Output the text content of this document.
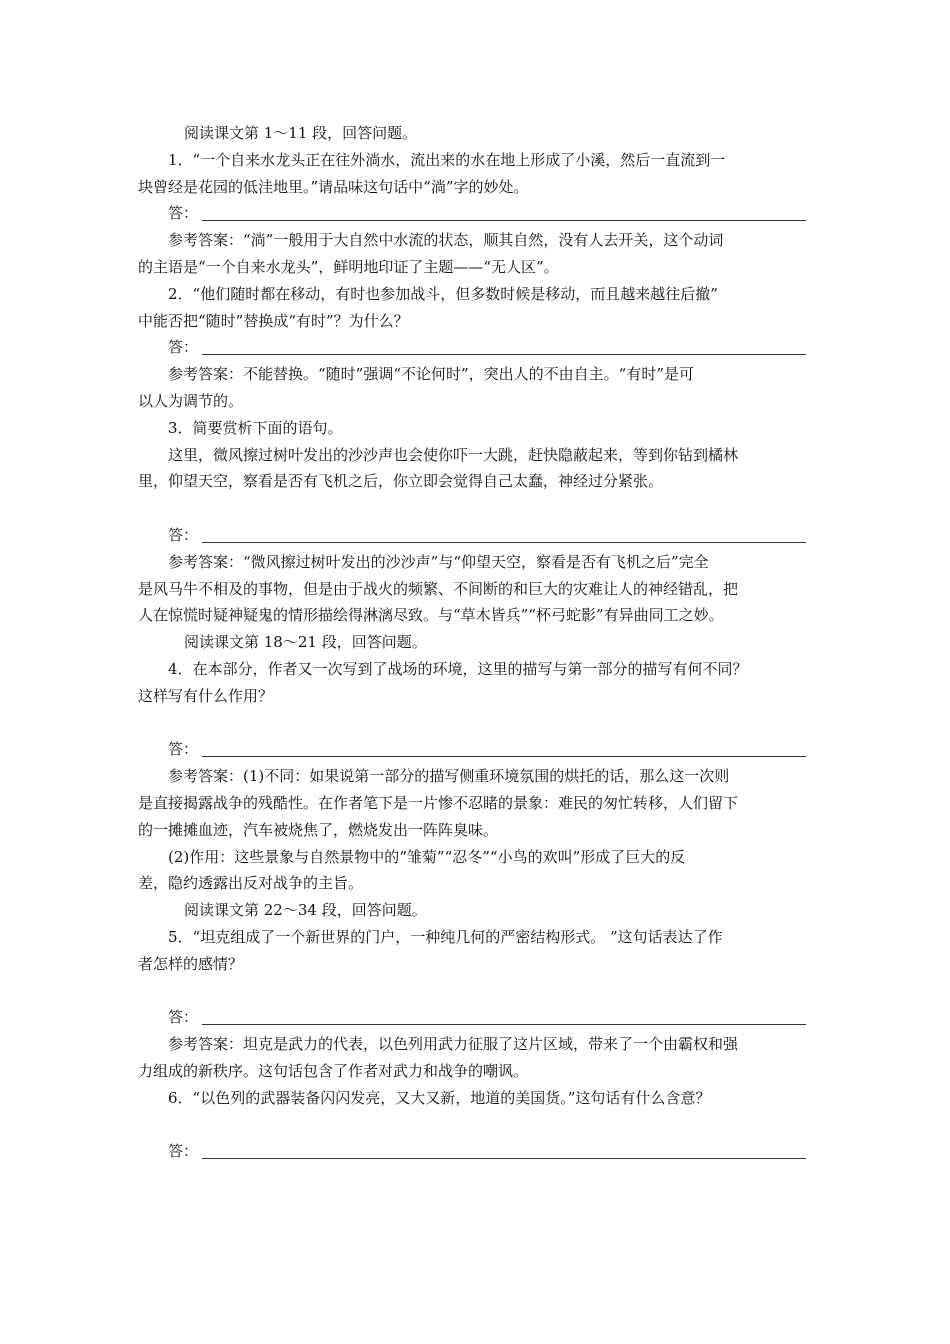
阅读课文第 1～11 段，回答问题。
1．“一个自来水龙头正在往外淌水，流出来的水在地上形成了小溪，然后一直流到一
块曾经是花园的低洼地里。”请品味这句话中“淌”字的妙处。
答：
参考答案：“淌”一般用于大自然中水流的状态，顺其自然，没有人去开关，这个动词
的主语是“一个自来水龙头”，鲜明地印证了主题——“无人区”。
2．“他们随时都在移动，有时也参加战斗，但多数时候是移动，而且越来越往后撤”
中能否把“随时”替换成“有时”？为什么？
答：
参考答案：不能替换。“随时”强调“不论何时”，突出人的不由自主。“有时”是可
以人为调节的。
3．简要赏析下面的语句。
这里，微风擦过树叶发出的沙沙声也会使你吓一大跳，赶快隐蔽起来，等到你钻到橘林
里，仰望天空，察看是否有飞机之后，你立即会觉得自己太蠢，神经过分紧张。
答：
参考答案：“微风擦过树叶发出的沙沙声”与“仰望天空，察看是否有飞机之后”完全
是风马牛不相及的事物，但是由于战火的频繁、不间断的和巨大的灾难让人的神经错乱，把
人在惊慌时疑神疑鬼的情形描绘得淋漓尽致。与“草木皆兵”“杯弓蛇影”有异曲同工之妙。
阅读课文第 18～21 段，回答问题。
4．在本部分，作者又一次写到了战场的环境，这里的描写与第一部分的描写有何不同？
这样写有什么作用？
答：
参考答案：(1)不同：如果说第一部分的描写侧重环境氛围的烘托的话，那么这一次则
是直接揭露战争的残酷性。在作者笔下是一片惨不忍睹的景象：难民的匆忙转移，人们留下
的一摊摊血迹，汽车被烧焦了，燃烧发出一阵阵臭味。
(2)作用：这些景象与自然景物中的“雏菊”“忍冬”“小鸟的欢叫”形成了巨大的反
差，隐约透露出反对战争的主旨。
阅读课文第 22～34 段，回答问题。
5．“坦克组成了一个新世界的门户，一种纯几何的严密结构形式。 ”这句话表达了作
者怎样的感情？
答：
参考答案：坦克是武力的代表，以色列用武力征服了这片区域，带来了一个由霸权和强
力组成的新秩序。这句话包含了作者对武力和战争的嘲讽。
6．“以色列的武器装备闪闪发亮，又大又新，地道的美国货。”这句话有什么含意？
答：
